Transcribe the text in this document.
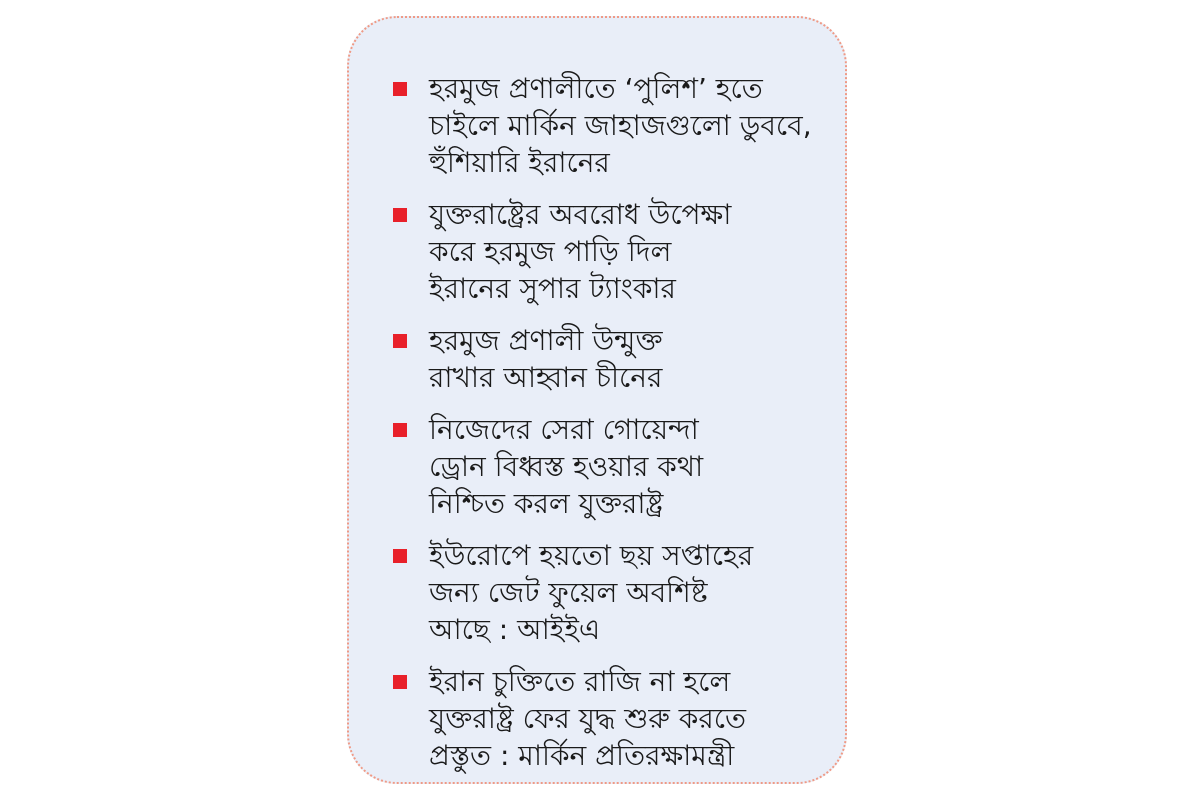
হরমুজ প্রণালীতে ‘পুলিশ’ হতে
চাইলে মার্কিন জাহাজগুলো ডুববে,
হুঁশিয়ারি ইরানের
যুক্তরাষ্ট্রের অবরোধ উপেক্ষা
করে হরমুজ পাড়ি দিল
ইরানের সুপার ট্যাংকার
হরমুজ প্রণালী উন্মুক্ত
রাখার আহ্বান চীনের
নিজেদের সেরা গোয়েন্দা
ড্রোন বিধ্বস্ত হওয়ার কথা
নিশ্চিত করল যুক্তরাষ্ট্র
ইউরোপে হয়তো ছয় সপ্তাহের
জন্য জেট ফুয়েল অবশিষ্ট
আছে : আইইএ
ইরান চুক্তিতে রাজি না হলে
যুক্তরাষ্ট্র ফের যুদ্ধ শুরু করতে
প্রস্তুত : মার্কিন প্রতিরক্ষামন্ত্রী
